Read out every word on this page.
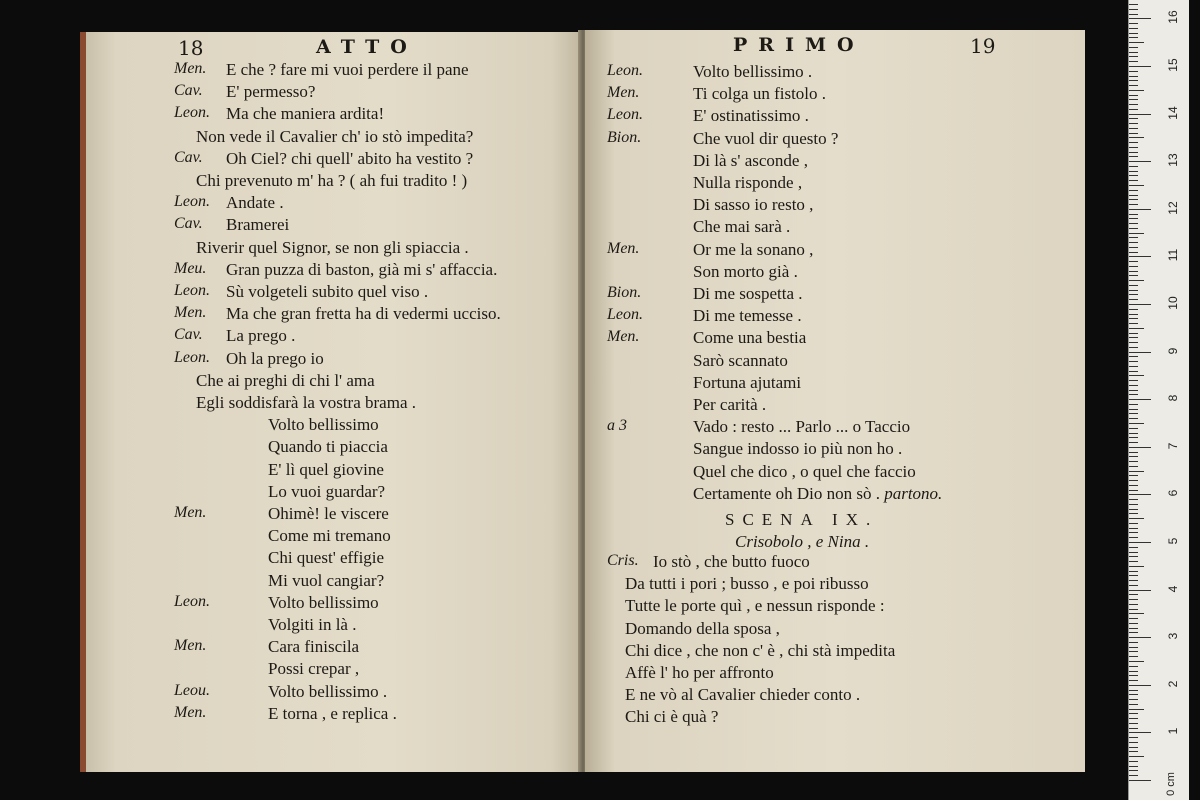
18	ATTO
Men. E che ? fare mi vuoi perdere il pane
Cav. E' permesso?
Leon. Ma che maniera ardita!
Non vede il Cavalier ch' io stò impedita?
Cav. Oh Ciel? chi quell' abito ha vestito ?
Chi prevenuto m' ha ? ( ah fui tradito ! )
Leon. Andate .
Cav. Bramerei
Riverir quel Signor, se non gli spiaccia .
Meu. Gran puzza di baston, già mi s' affaccia.
Leon. Sù volgeteli subito quel viso .
Men. Ma che gran fretta ha di vedermi ucciso.
Cav. La prego .
Leon. Oh la prego io
Che ai preghi di chi l' ama
Egli soddisfarà la vostra brama .
Volto bellissimo
Quando ti piaccia
E' lì quel giovine
Lo vuoi guardar?
Men.	Ohimè! le viscere
Come mi tremano
Chi quest' effigie
Mi vuol cangiar?
Leon.	Volto bellissimo
Volgiti in là .
Men.	Cara finiscila
Possi crepar ,
Leou.	Volto bellissimo .
Men.	E torna , e replica .
PRIMO	19
Leon.	Volto bellissimo .
Men.	Ti colga un fistolo .
Leon.	E' ostinatissimo .
Bion.	Che vuol dir questo ?
Di là s' asconde ,
Nulla risponde ,
Di sasso io resto ,
Che mai sarà .
Men.	Or me la sonano ,
Son morto già .
Bion.	Di me sospetta .
Leon.	Di me temesse .
Men.	Come una bestia
Sarò scannato
Fortuna ajutami
Per carità .
a 3	Vado : resto ... Parlo ... o Taccio
Sangue indosso io più non ho .
Quel che dico , o quel che faccio
Certamente oh Dio non sò . partono.
SCENA IX.
Crisobolo , e Nina .
Cris. Io stò , che butto fuoco
Da tutti i pori ; busso , e poi ribusso
Tutte le porte quì , e nessun risponde :
Domando della sposa ,
Chi dice , che non c' è , chi stà impedita
Affè l' ho per affronto
E ne vò al Cavalier chieder conto .
Chi ci è quà ?
1
2
3
4
5
6
7
8
9
10
11
12
13
14
15
16
0 cm
